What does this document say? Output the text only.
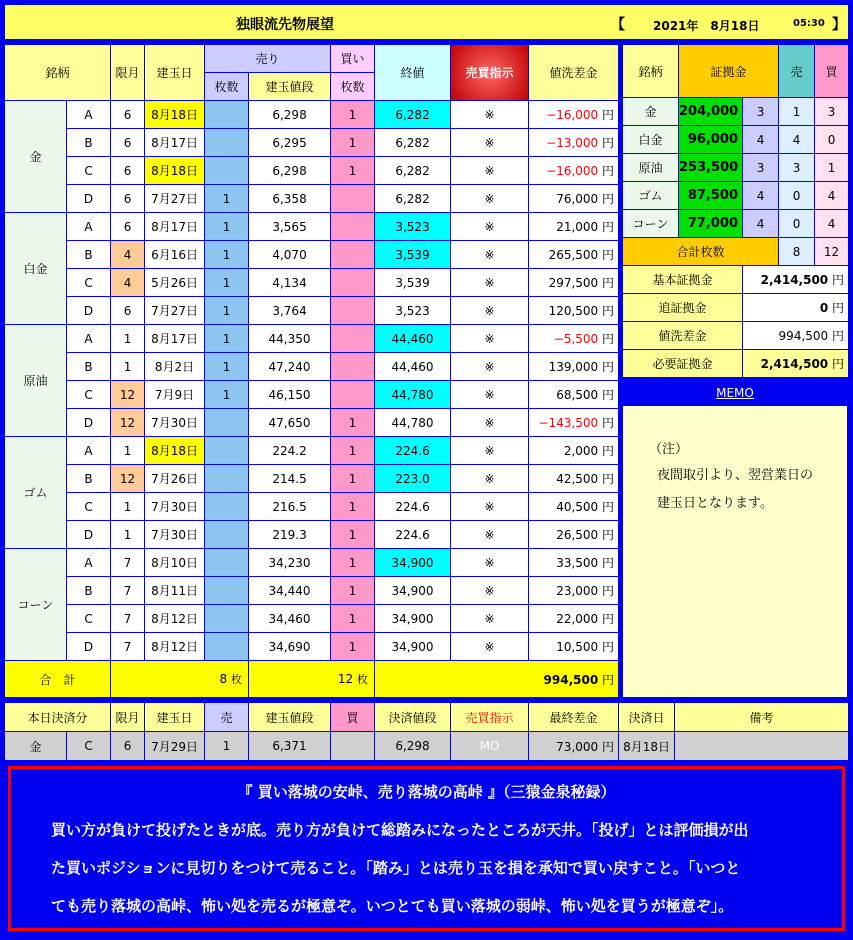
独眼流先物展望	【 2021年　8月18日	05:30 】
銘柄		限月	建玉日	売り		買い	終値	売買指示	値洗差金
				枚数	建玉値段	枚数			
金	A	6	8月18日		6,298	1	6,282	※	−16,000 円
	B	6	8月17日		6,295	1	6,282	※	−13,000 円
	C	6	8月18日		6,298	1	6,282	※	−16,000 円
	D	6	7月27日	1	6,358		6,282	※	76,000 円
白金	A	6	8月17日	1	3,565		3,523	※	21,000 円
	B	4	6月16日	1	4,070		3,539	※	265,500 円
	C	4	5月26日	1	4,134		3,539	※	297,500 円
	D	6	7月27日	1	3,764		3,523	※	120,500 円
原油	A	1	8月17日	1	44,350		44,460	※	−5,500 円
	B	1	8月2日	1	47,240		44,460	※	139,000 円
	C	12	7月9日	1	46,150		44,780	※	68,500 円
	D	12	7月30日		47,650	1	44,780	※	−143,500 円
ゴム	A	1	8月18日		224.2	1	224.6	※	2,000 円
	B	12	7月26日		214.5	1	223.0	※	42,500 円
	C	1	7月30日		216.5	1	224.6	※	40,500 円
	D	1	7月30日		219.3	1	224.6	※	26,500 円
コーン	A	7	8月10日		34,230	1	34,900	※	33,500 円
	B	7	8月11日		34,440	1	34,900	※	23,000 円
	C	7	8月12日		34,460	1	34,900	※	22,000 円
	D	7	8月12日		34,690	1	34,900	※	10,500 円
合　計		8 枚			12 枚		994,500 円		
銘柄	証拠金		売	買
金	204,000	3	1	3
白金	96,000	4	4	0
原油	253,500	3	3	1
ゴム	87,500	4	0	4
コーン	77,000	4	0	4
合計枚数			8	12
基本証拠金		2,414,500 円		
追証拠金		0 円		
値洗差金		994,500 円		
必要証拠金		2,414,500 円		
MEMO
（注）
夜間取引より、翌営業日の
建玉日となります。
本日決済分		限月	建玉日	売	建玉値段	買	決済値段	売買指示	最終差金	決済日	備考
金	C	6	7月29日	1	6,371		6,298	MO	73,000 円	8月18日	
『 買い落城の安峠、売り落城の高峠 』（三猿金泉秘録）
買い方が負けて投げたときが底。売り方が負けて総踏みになったところが天井。「投げ」とは評価損が出
た買いポジションに見切りをつけて売ること。「踏み」とは売り玉を損を承知で買い戻すこと。「いつと
ても売り落城の高峠、怖い処を売るが極意ぞ。いつとても買い落城の弱峠、怖い処を買うが極意ぞ」。
